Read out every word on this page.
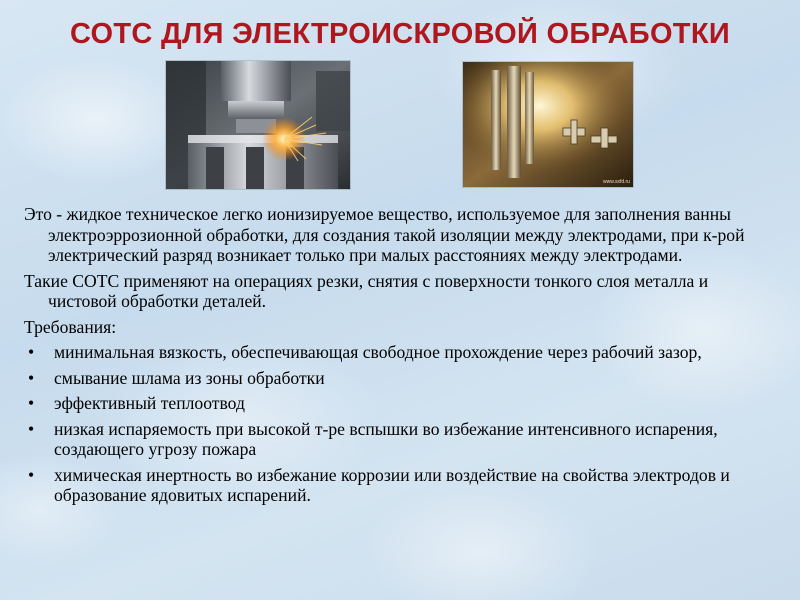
СОТС ДЛЯ ЭЛЕКТРОИСКРОВОЙ ОБРАБОТКИ
www.sxfd.ru

Это - жидкое техническое легко ионизируемое вещество, используемое для заполнения ванны электроэррозионной обработки, для создания такой изоляции между электродами, при к-рой электрический разряд возникает только при малых расстояниях между электродами.

Такие СОТС применяют на операциях резки, снятия с поверхности тонкого слоя металла и чистовой обработки деталей.

Требования:

•	минимальная вязкость, обеспечивающая свободное прохождение через рабочий зазор,
•	смывание шлама из зоны обработки
•	эффективный теплоотвод
•	низкая испаряемость при высокой т-ре вспышки во избежание интенсивного испарения, создающего угрозу пожара
•	химическая инертность во избежание коррозии или воздействие на свойства электродов и образование ядовитых испарений.
